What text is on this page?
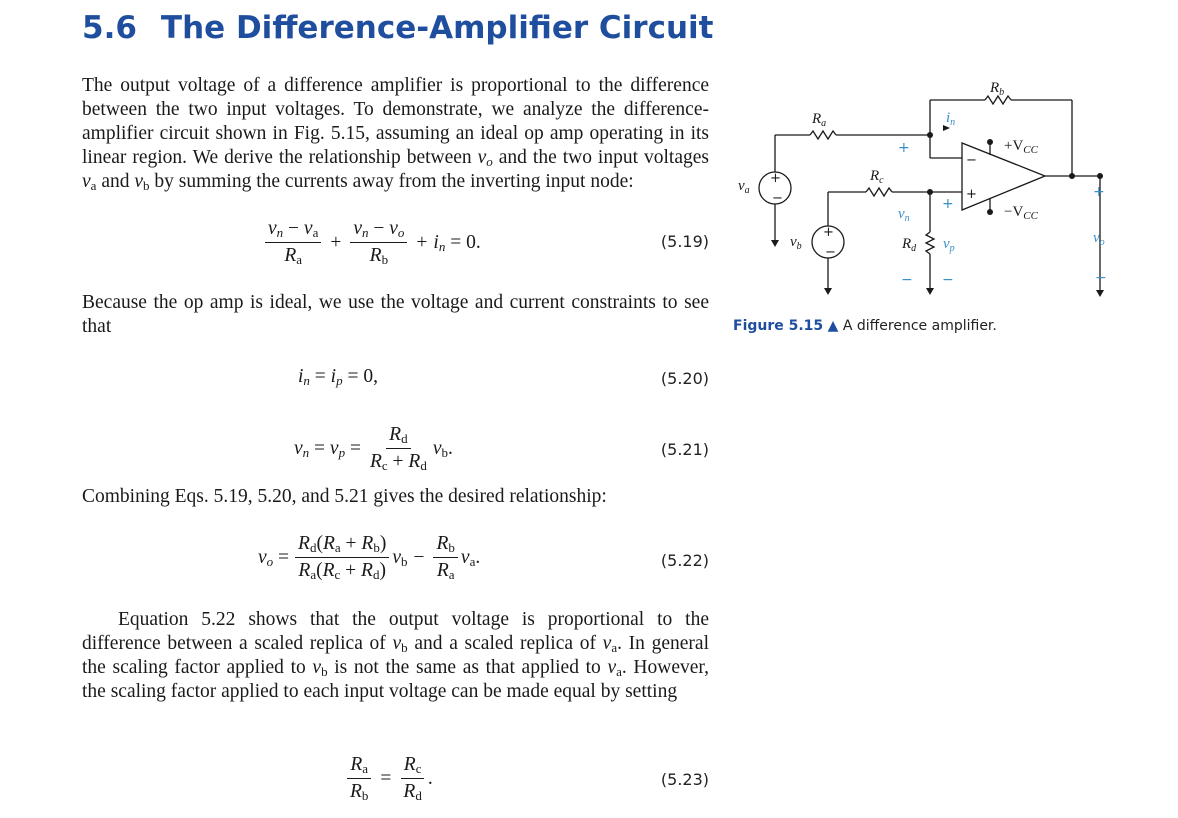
5.6 The Difference-Amplifier Circuit

The output voltage of a difference amplifier is proportional to the difference between the two input voltages. To demonstrate, we analyze the difference-amplifier circuit shown in Fig. 5.15, assuming an ideal op amp operating in its linear region. We derive the relationship between $v_o$ and the two input voltages $v_a$ and $v_b$ by summing the currents away from the inverting input node:

$v_n - v_a$
$R_a$
+ $\frac{v_n - v_o}{R_b} + i_n = 0$.	(5.19)

Because the op amp is ideal, we use the voltage and current constraints to see that

$i_n = i_p = 0$,	(5.20)
$v_n = v_p = \frac{R_d}{R_c + R_d} v_b$.	(5.21)

Combining Eqs. 5.19, 5.20, and 5.21 gives the desired relationship:

$v_o = \frac{R_d(R_a + R_b)}{R_a(R_c + R_d)} v_b - \frac{R_b}{R_a} v_a$.	(5.22)

Equation 5.22 shows that the output voltage is proportional to the difference between a scaled replica of $v_b$ and a scaled replica of $v_a$. In general the scaling factor applied to $v_b$ is not the same as that applied to $v_a$. However, the scaling factor applied to each input voltage can be made equal by setting

$\frac{R_a}{R_b} = \frac{R_c}{R_d}$ .	(5.23)
$R_b$
$R_a$	$i_n$
$+V_{CC}$
$-V_{CC}$
$v_a$
$R_c$
$v_n$
$v_b$	$R_d$ $v_p$
$v_o$
+
+
+
− −	−
+
−
+
−
−
+
Figure 5.15 ▲ A difference amplifier.
